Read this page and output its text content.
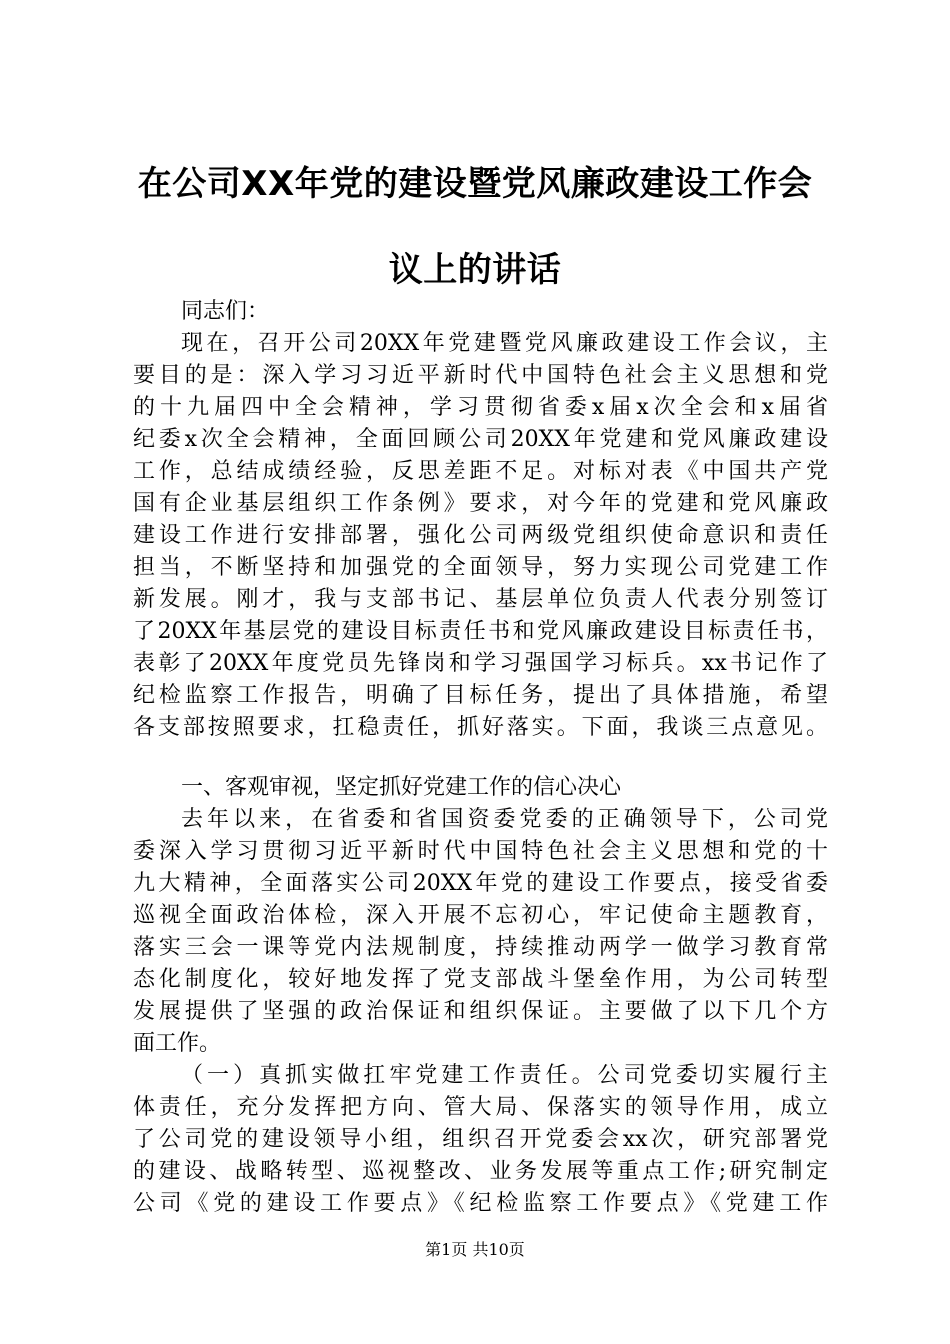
在公司XX年党的建设暨党风廉政建设工作会
议上的讲话
同志们：
现在，召开公司20XX年党建暨党风廉政建设工作会议，主
要目的是：深入学习习近平新时代中国特色社会主义思想和党
的十九届四中全会精神，学习贯彻省委x届x次全会和x届省
纪委x次全会精神，全面回顾公司20XX年党建和党风廉政建设
工作，总结成绩经验，反思差距不足。对标对表《中国共产党
国有企业基层组织工作条例》要求，对今年的党建和党风廉政
建设工作进行安排部署，强化公司两级党组织使命意识和责任
担当，不断坚持和加强党的全面领导，努力实现公司党建工作
新发展。刚才，我与支部书记、基层单位负责人代表分别签订
了20XX年基层党的建设目标责任书和党风廉政建设目标责任书，
表彰了20XX年度党员先锋岗和学习强国学习标兵。xx书记作了
纪检监察工作报告，明确了目标任务，提出了具体措施，希望
各支部按照要求，扛稳责任，抓好落实。下面，我谈三点意见。
一、客观审视，坚定抓好党建工作的信心决心
去年以来，在省委和省国资委党委的正确领导下，公司党
委深入学习贯彻习近平新时代中国特色社会主义思想和党的十
九大精神，全面落实公司20XX年党的建设工作要点，接受省委
巡视全面政治体检，深入开展不忘初心，牢记使命主题教育，
落实三会一课等党内法规制度，持续推动两学一做学习教育常
态化制度化，较好地发挥了党支部战斗堡垒作用，为公司转型
发展提供了坚强的政治保证和组织保证。主要做了以下几个方
面工作。
（一）真抓实做扛牢党建工作责任。公司党委切实履行主
体责任，充分发挥把方向、管大局、保落实的领导作用，成立
了公司党的建设领导小组，组织召开党委会xx次，研究部署党
的建设、战略转型、巡视整改、业务发展等重点工作;研究制定
公司《党的建设工作要点》《纪检监察工作要点》《党建工作
第1页 共10页
